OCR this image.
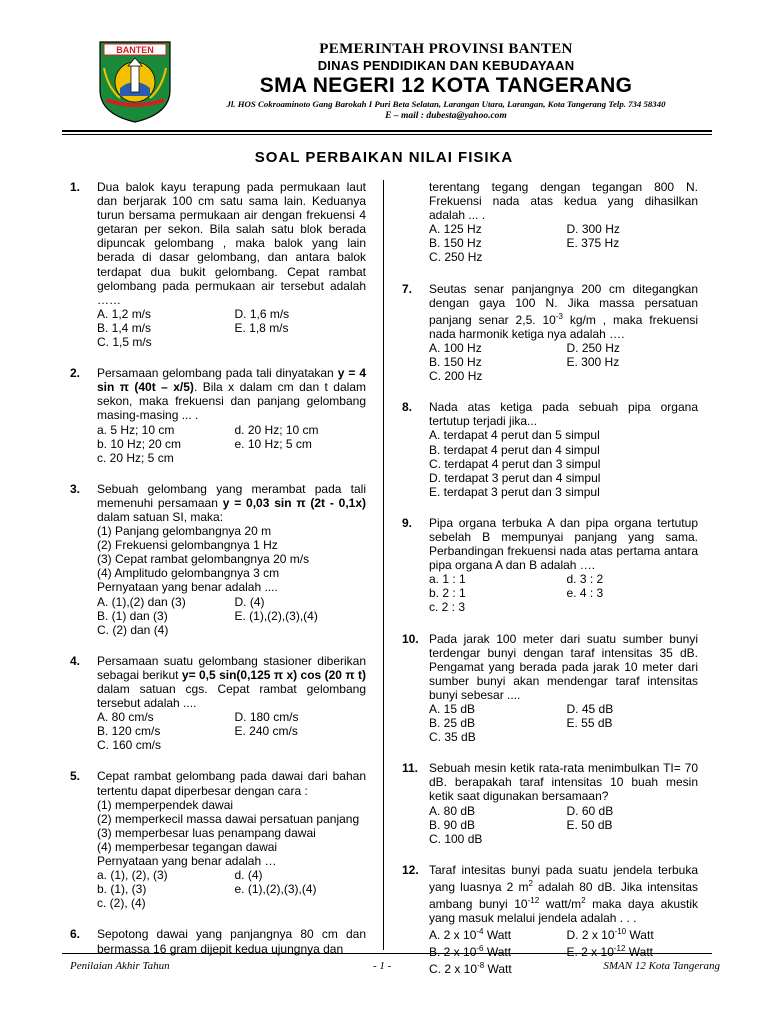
BANTEN	PEMERINTAH PROVINSI BANTEN
DINAS PENDIDIKAN DAN KEBUDAYAAN
SMA NEGERI 12 KOTA TANGERANG
Jl. HOS Cokroaminoto Gang Barokah I Puri Beta Selatan, Larangan Utara, Larangan, Kota Tangerang Telp. 734 58340
E – mail : dubesta@yahoo.com
SOAL PERBAIKAN NILAI FISIKA
1. Dua balok kayu terapung pada permukaan laut dan berjarak 100 cm satu sama lain. Keduanya turun bersama permukaan air dengan frekuensi 4 getaran per sekon. Bila salah satu blok berada dipuncak gelombang , maka balok yang lain berada di dasar gelombang, dan antara balok terdapat dua bukit gelombang. Cepat rambat gelombang pada permukaan air tersebut adalah ……
A. 1,2 m/s	D. 1,6 m/s
B. 1,4 m/s	E. 1,8 m/s
C. 1,5 m/s
2. Persamaan gelombang pada tali dinyatakan y = 4 sin π (40t – x/5). Bila x dalam cm dan t dalam sekon, maka frekuensi dan panjang gelombang masing-masing ... .
a. 5 Hz; 10 cm	d. 20 Hz; 10 cm
b. 10 Hz; 20 cm	e. 10 Hz; 5 cm
c. 20 Hz; 5 cm
3. Sebuah gelombang yang merambat pada tali memenuhi persamaan y = 0,03 sin π (2t - 0,1x) dalam satuan SI, maka:
(1) Panjang gelombangnya 20 m
(2) Frekuensi gelombangnya 1 Hz
(3) Cepat rambat gelombangnya 20 m/s
(4) Amplitudo gelombangnya 3 cm
Pernyataan yang benar adalah ....
A. (1),(2) dan (3)	D. (4)
B. (1) dan (3)	E. (1),(2),(3),(4)
C. (2) dan (4)
4. Persamaan suatu gelombang stasioner diberikan sebagai berikut y= 0,5 sin(0,125 π x) cos (20 π t) dalam satuan cgs. Cepat rambat gelombang tersebut adalah ....
A. 80 cm/s	D. 180 cm/s
B. 120 cm/s	E. 240 cm/s
C. 160 cm/s
5. Cepat rambat gelombang pada dawai dari bahan tertentu dapat diperbesar dengan cara :
(1) memperpendek dawai
(2) memperkecil massa dawai persatuan panjang
(3) memperbesar luas penampang dawai
(4) memperbesar tegangan dawai
Pernyataan yang benar adalah …
a. (1), (2), (3)	d. (4)
b. (1), (3)	e. (1),(2),(3),(4)
c. (2), (4)
6. Sepotong dawai yang panjangnya 80 cm dan bermassa 16 gram dijepit kedua ujungnya dan
terentang tegang dengan tegangan 800 N. Frekuensi nada atas kedua yang dihasilkan adalah ... .
A. 125 Hz	D. 300 Hz
B. 150 Hz	E. 375 Hz
C. 250 Hz
7. Seutas senar panjangnya 200 cm ditegangkan dengan gaya 100 N. Jika massa persatuan panjang senar 2,5. $10^{-3}$ kg/m , maka frekuensi nada harmonik ketiga nya adalah ….
A. 100 Hz	D. 250 Hz
B. 150 Hz	E. 300 Hz
C. 200 Hz
8. Nada atas ketiga pada sebuah pipa organa tertutup terjadi jika...
A. terdapat 4 perut dan 5 simpul
B. terdapat 4 perut dan 4 simpul
C. terdapat 4 perut dan 3 simpul
D. terdapat 3 perut dan 4 simpul
E. terdapat 3 perut dan 3 simpul
9. Pipa organa terbuka A dan pipa organa tertutup sebelah B mempunyai panjang yang sama. Perbandingan frekuensi nada atas pertama antara pipa organa A dan B adalah ….
a. 1 : 1	d. 3 : 2
b. 2 : 1	e. 4 : 3
c. 2 : 3
10. Pada jarak 100 meter dari suatu sumber bunyi terdengar bunyi dengan taraf intensitas 35 dB. Pengamat yang berada pada jarak 10 meter dari sumber bunyi akan mendengar taraf intensitas bunyi sebesar ....
A. 15 dB	D. 45 dB
B. 25 dB	E. 55 dB
C. 35 dB
11. Sebuah mesin ketik rata-rata menimbulkan TI= 70 dB. berapakah taraf intensitas 10 buah mesin ketik saat digunakan bersamaan?
A. 80 dB	D. 60 dB
B. 90 dB	E. 50 dB
C. 100 dB
12. Taraf intesitas bunyi pada suatu jendela terbuka yang luasnya 2 $m^2$ adalah 80 dB. Jika intensitas ambang bunyi $10^{-12}$ watt/$m^2$ maka daya akustik yang masuk melalui jendela adalah . . .
A. 2 x $10^{-4}$ Watt	D. 2 x $10^{-10}$ Watt
B. 2 x $10^{-6}$ Watt	E. 2 x $10^{-12}$ Watt
C. 2 x $10^{-8}$ Watt
Penilaian Akhir Tahun	- 1 -	SMAN 12 Kota Tangerang
